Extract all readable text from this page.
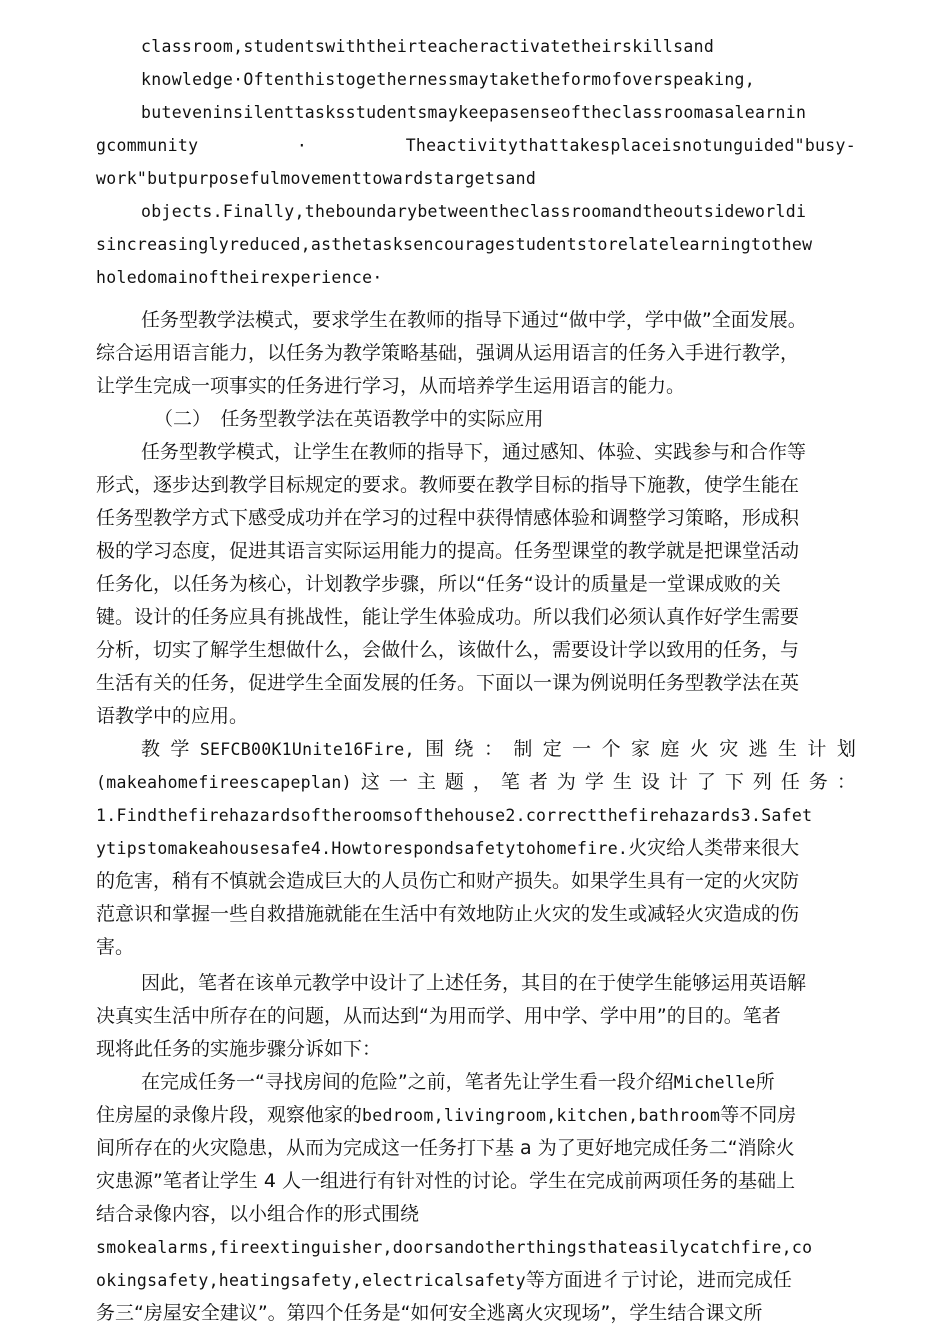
classroom,studentswiththeirteacheractivatetheirskillsand
knowledge·Oftenthistogethernessmaytaketheformofoverspeaking,
buteveninsilenttasksstudentsmaykeepasenseoftheclassroomasalearnin
gcommunity	·	Theactivitythattakesplaceisnotunguided"busy-
work"butpurposefulmovementtowardstargetsand
objects.Finally,theboundarybetweentheclassroomandtheoutsideworldi
sincreasinglyreduced,asthetasksencouragestudentstorelatelearningtothew
holedomainoftheirexperience·
任务型教学法模式，要求学生在教师的指导下通过“做中学，学中做”全面发展。
综合运用语言能力，以任务为教学策略基础，强调从运用语言的任务入手进行教学，
让学生完成一项事实的任务进行学习，从而培养学生运用语言的能力。
（二）　任务型教学法在英语教学中的实际应用
任务型教学模式，让学生在教师的指导下，通过感知、体验、实践参与和合作等
形式，逐步达到教学目标规定的要求。教师要在教学目标的指导下施教，使学生能在
任务型教学方式下感受成功并在学习的过程中获得情感体验和调整学习策略，形成积
极的学习态度，促进其语言实际运用能力的提高。任务型课堂的教学就是把课堂活动
任务化，以任务为核心，计划教学步骤，所以“任务“设计的质量是一堂课成败的关
键。设计的任务应具有挑战性，能让学生体验成功。所以我们必须认真作好学生需要
分析，切实了解学生想做什么，会做什么，该做什么，需要设计学以致用的任务，与
生活有关的任务，促进学生全面发展的任务。下面以一课为例说明任务型教学法在英
语教学中的应用。
教 学 SEFCB00K1Unite16Fire, 围 绕 ： 制 定 一 个 家 庭 火 灾 逃 生 计 划
(makeahomefireescapeplan) 这 一 主 题 ， 笔 者 为 学 生 设 计 了 下 列 任 务 ：
1.Findthefirehazardsoftheroomsofthehouse2.correctthefirehazards3.Safet
ytipstomakeahousesafe4.Howtorespondsafetytohomefire.火灾给人类带来很大
的危害，稍有不慎就会造成巨大的人员伤亡和财产损失。如果学生具有一定的火灾防
范意识和掌握一些自救措施就能在生活中有效地防止火灾的发生或减轻火灾造成的伤
害。
因此，笔者在该单元教学中设计了上述任务，其目的在于使学生能够运用英语解
决真实生活中所存在的问题，从而达到“为用而学、用中学、学中用”的目的。笔者
现将此任务的实施步骤分诉如下：
在完成任务一“寻找房间的危险”之前，笔者先让学生看一段介绍Michelle所
住房屋的录像片段，观察他家的bedroom,livingroom,kitchen,bathroom等不同房
间所存在的火灾隐患，从而为完成这一任务打下基 a 为了更好地完成任务二“消除火
灾患源”笔者让学生 4 人一组进行有针对性的讨论。学生在完成前两项任务的基础上
结合录像内容，以小组合作的形式围绕
smokealarms,fireextinguisher,doorsandotherthingsthateasilycatchfire,co
okingsafety,heatingsafety,electricalsafety等方面进彳亍讨论，进而完成任
务三“房屋安全建议”。第四个任务是“如何安全逃离火灾现场”，学生结合课文所
